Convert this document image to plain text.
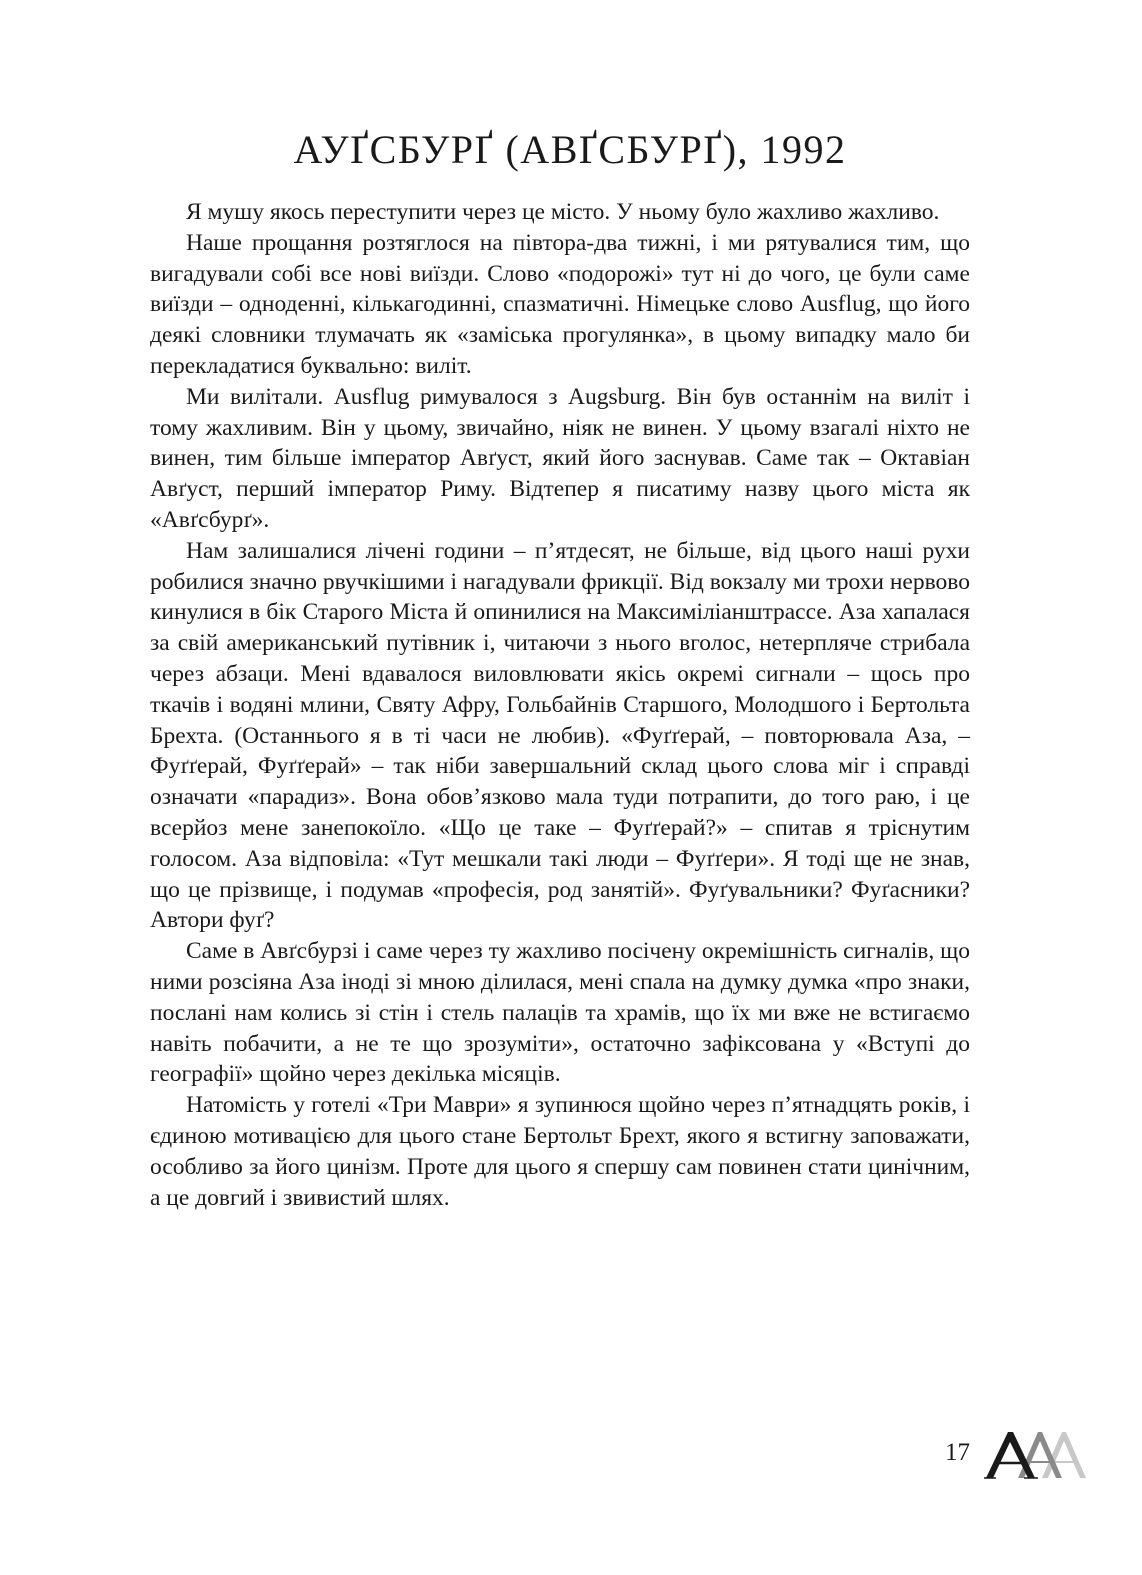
АУҐСБУРҐ (АВҐСБУРҐ), 1992

Я мушу якось переступити через це місто. У ньому було жахливо жахливо.

Наше прощання розтяглося на півтора-два тижні, і ми рятувалися тим, що вигадували собі все нові виїзди. Слово «подорожі» тут ні до чого, це були саме виїзди – одноденні, кількагодинні, спазматичні. Німецьке слово Ausflug, що його деякі словники тлумачать як «заміська прогулянка», в цьому випадку мало би перекладатися буквально: виліт.

Ми вилітали. Ausflug римувалося з Augsburg. Він був останнім на виліт і тому жахливим. Він у цьому, звичайно, ніяк не винен. У цьому взагалі ніхто не винен, тим більше імператор Авґуст, який його заснував. Саме так – Октавіан Авґуст, перший імператор Риму. Відтепер я писатиму назву цього міста як «Авґсбурґ».

Нам залишалися лічені години – п’ятдесят, не більше, від цього наші рухи робилися значно рвучкішими і нагадували фрикції. Від вокзалу ми трохи нервово кинулися в бік Старого Міста й опинилися на Максиміліанштрассе. Аза хапалася за свій американський путівник і, читаючи з нього вголос, нетерпляче стрибала через абзаци. Мені вдавалося виловлювати якісь окремі сигнали – щось про ткачів і водяні млини, Святу Афру, Гольбайнів Старшого, Молодшого і Бертольта Брехта. (Останнього я в ті часи не любив). «Фуґґерай, – повторювала Аза, – Фуґґерай, Фуґґерай» – так ніби завершальний склад цього слова міг і справді означати «парадиз». Вона обов’язково мала туди потрапити, до того раю, і це всерйоз мене занепокоїло. «Що це таке – Фуґґерай?» – спитав я тріснутим голосом. Аза відповіла: «Тут мешкали такі люди – Фуґґери». Я тоді ще не знав, що це прізвище, і подумав «професія, род занятій». Фуґувальники? Фуґасники? Автори фуґ?

Саме в Авґсбурзі і саме через ту жахливо посічену окремішність сигналів, що ними розсіяна Аза іноді зі мною ділилася, мені спала на думку думка «про знаки, послані нам колись зі стін і стель палаців та храмів, що їх ми вже не встигаємо навіть побачити, а не те що зрозуміти», остаточно зафіксована у «Вступі до географії» щойно через декілька місяців.

Натомість у готелі «Три Маври» я зупинюся щойно через п’ятнадцять років, і єдиною мотивацією для цього стане Бертольт Брехт, якого я встигну заповажати, особливо за його цинізм. Проте для цього я спершу сам повинен стати цинічним, а це довгий і звивистий шлях.

17
